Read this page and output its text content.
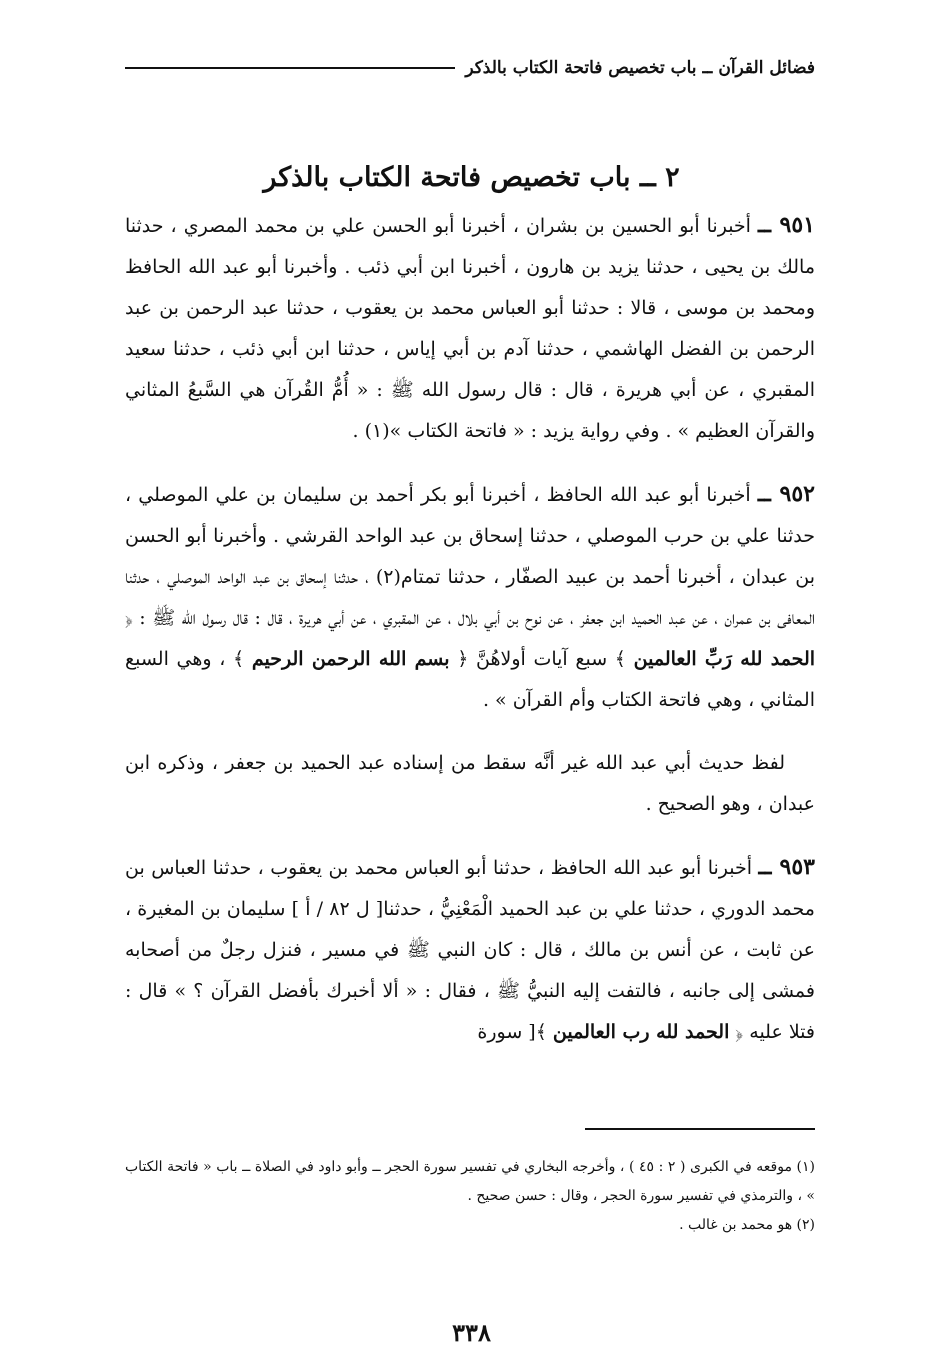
فضائل القرآن ــ باب تخصيص فاتحة الكتاب بالذكر
٢ ــ باب تخصيص فاتحة الكتاب بالذكر

٩٥١ ــ أخبرنا أبو الحسين بن بشران ، أخبرنا أبو الحسن علي بن محمد المصري ، حدثنا مالك بن يحيى ، حدثنا يزيد بن هارون ، أخبرنا ابن أبي ذئب . وأخبرنا أبو عبد الله الحافظ ومحمد بن موسى ، قالا : حدثنا أبو العباس محمد بن يعقوب ، حدثنا عبد الرحمن بن عبد الرحمن بن الفضل الهاشمي ، حدثنا آدم بن أبي إياس ، حدثنا ابن أبي ذئب ، حدثنا سعيد المقبري ، عن أبي هريرة ، قال : قال رسول الله ﷺ : « أُمُّ القُرآن هي السَّبعُ المثاني والقرآن العظيم » . وفي رواية يزيد : « فاتحة الكتاب »(١) .

٩٥٢ ــ أخبرنا أبو عبد الله الحافظ ، أخبرنا أبو بكر أحمد بن سليمان بن علي الموصلي ، حدثنا علي بن حرب الموصلي ، حدثنا إسحاق بن عبد الواحد القرشي . وأخبرنا أبو الحسن بن عبدان ، أخبرنا أحمد بن عبيد الصفّار ، حدثنا تمتام(٢) ، حدثنا إسحاق بن عبد الواحد الموصلي ، حدثنا المعافى بن عمران ، عن عبد الحميد ابن جعفر ، عن نوح بن أبي بلال ، عن المقبري ، عن أبي هريرة ، قال : قال رسول الله ﷺ : ﴿ الحمد لله رَبِّ العالمين ﴾ سبع آيات أولاهُنَّ ﴿ بسم الله الرحمن الرحيم ﴾ ، وهي السبع المثاني ، وهي فاتحة الكتاب وأم القرآن » .

لفظ حديث أبي عبد الله غير أنَّه سقط من إسناده عبد الحميد بن جعفر ، وذكره ابن عبدان ، وهو الصحيح .

٩٥٣ ــ أخبرنا أبو عبد الله الحافظ ، حدثنا أبو العباس محمد بن يعقوب ، حدثنا العباس بن محمد الدوري ، حدثنا علي بن عبد الحميد الْمَعْنِيُّ ، حدثنا[ ل ٨٢ / أ ] سليمان بن المغيرة ، عن ثابت ، عن أنس بن مالك ، قال : كان النبي ﷺ في مسير ، فنزل رجلٌ من أصحابه فمشى إلى جانبه ، فالتفت إليه النبيُّ ﷺ ، فقال : « ألا أخبرك بأفضل القرآن ؟ » قال : فتلا عليه ﴿ الحمد لله رب العالمين ﴾[ سورة

(١) موقعه في الكبرى ( ٢ : ٤٥ ) ، وأخرجه البخاري في تفسير سورة الحجر ــ وأبو داود في الصلاة ــ باب « فاتحة الكتاب » ، والترمذي في تفسير سورة الحجر ، وقال : حسن صحيح .

(٢) هو محمد بن غالب .

٣٣٨
